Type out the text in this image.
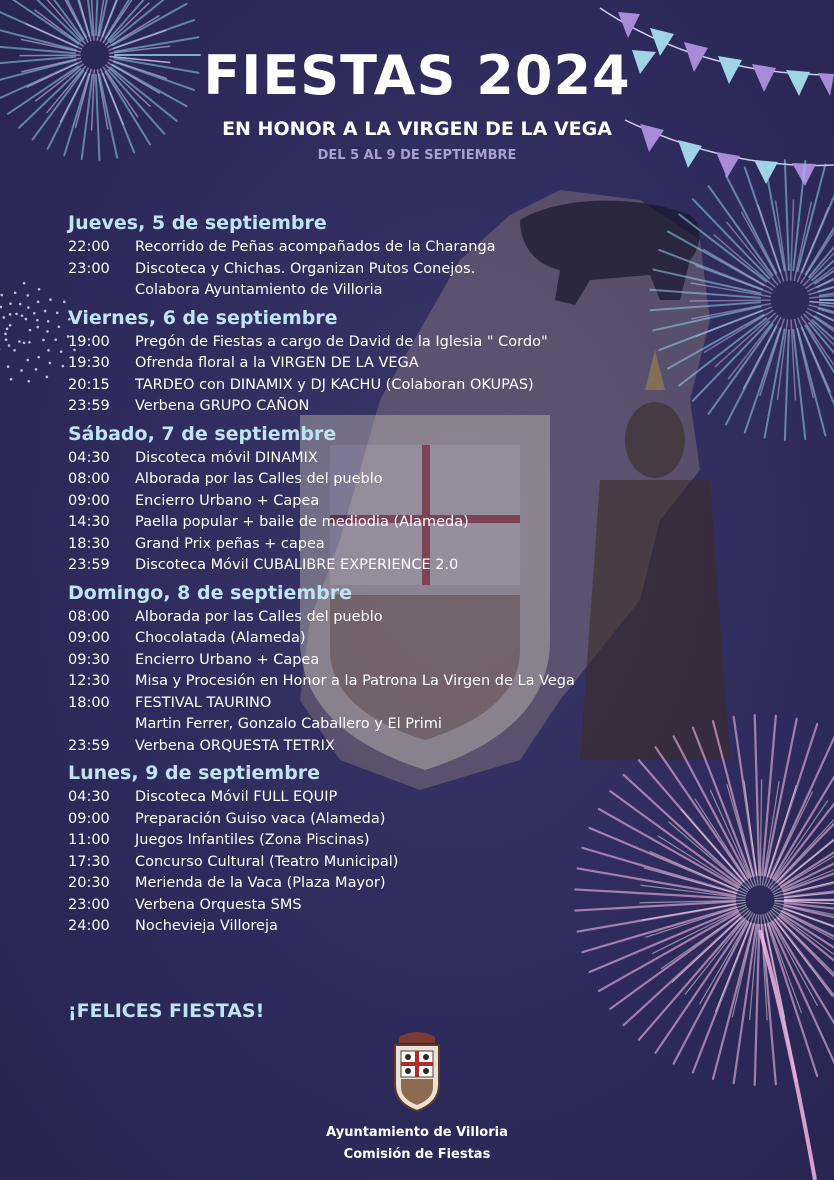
FIESTAS 2024
EN HONOR A LA VIRGEN DE LA VEGA
DEL 5 AL 9 DE SEPTIEMBRE
Jueves, 5 de septiembre
22:00	Recorrido de Peñas acompañados de la Charanga
23:00	Discoteca y Chichas. Organizan Putos Conejos.
Colabora Ayuntamiento de Villoria
Viernes, 6 de septiembre
19:00	Pregón de Fiestas a cargo de David de la Iglesia " Cordo"
19:30	Ofrenda floral a la VIRGEN DE LA VEGA
20:15	TARDEO con DINAMIX y DJ KACHU (Colaboran OKUPAS)
23:59	Verbena GRUPO CAÑON
Sábado, 7 de septiembre
04:30	Discoteca móvil DINAMIX
08:00	Alborada por las Calles del pueblo
09:00	Encierro Urbano + Capea
14:30	Paella popular + baile de mediodia (Alameda)
18:30	Grand Prix peñas + capea
23:59	Discoteca Móvil CUBALIBRE EXPERIENCE 2.0
Domingo, 8 de septiembre
08:00	Alborada por las Calles del pueblo
09:00	Chocolatada (Alameda)
09:30	Encierro Urbano + Capea
12:30	Misa y Procesión en Honor a la Patrona La Virgen de La Vega
18:00	FESTIVAL TAURINO
Martin Ferrer, Gonzalo Caballero y El Primi
23:59	Verbena ORQUESTA TETRIX
Lunes, 9 de septiembre
04:30	Discoteca Móvil FULL EQUIP
09:00	Preparación Guiso vaca (Alameda)
11:00	Juegos Infantiles (Zona Piscinas)
17:30	Concurso Cultural (Teatro Municipal)
20:30	Merienda de la Vaca (Plaza Mayor)
23:00	Verbena Orquesta SMS
24:00	Nochevieja Villoreja
¡FELICES FIESTAS!
Ayuntamiento de Villoria
Comisión de Fiestas
